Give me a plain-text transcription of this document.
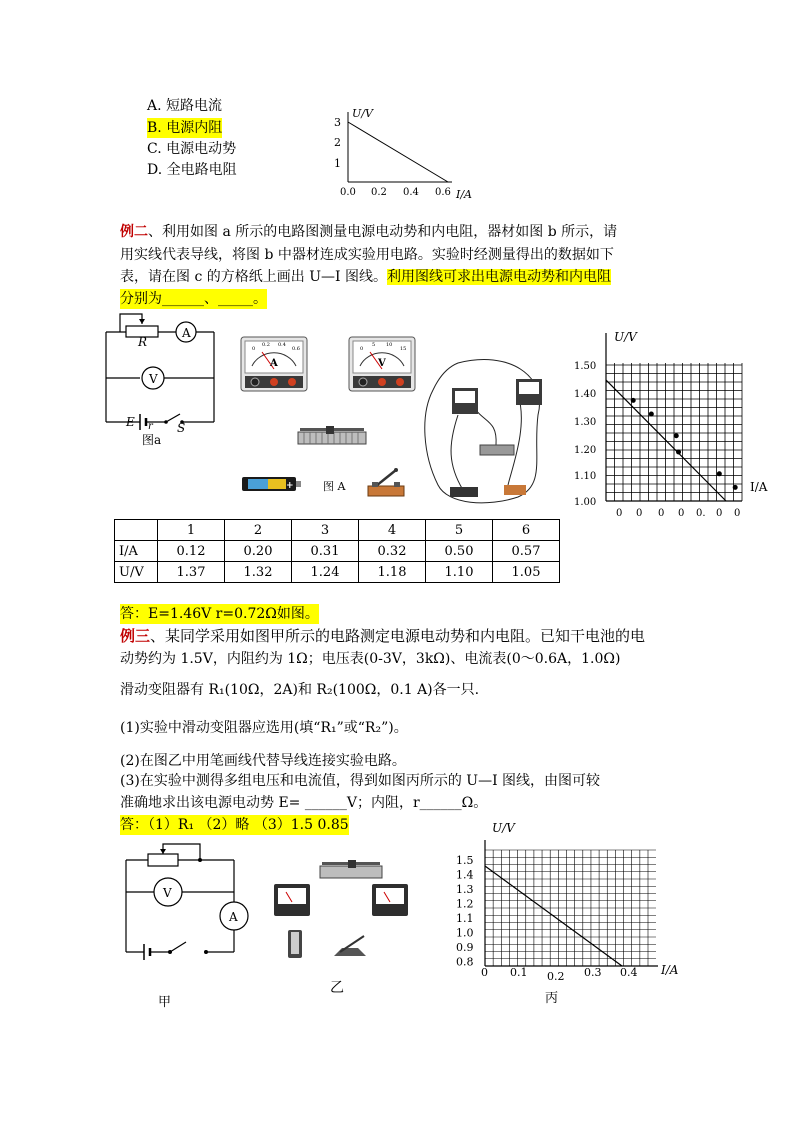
A. 短路电流
B. 电源内阻
C. 电源电动势
D. 全电路电阻
U/V
3
2
1
0.0 0.2 0.4 0.6 I/A
例二、利用如图 a 所示的电路图测量电源电动势和内电阻，器材如图 b 所示，请
用实线代表导线，将图 b 中器材连成实验用电路。实验时经测量得出的数据如下
表，请在图 c 的方格纸上画出 U—I 图线。利用图线可求出电源电动势和内电阻
分别为______、_____。
A
V
R
E r S
图a
A
0
0.2 0.4
0.6
V
0
5 10
15
+	图 A
U/V
I/A
1.50
1.40
1.30
1.20
1.10
1.00
0 0 0 0 0. 0 0
	1	2	3	4	5	6
I/A	0.12	0.20	0.31	0.32	0.50	0.57
U/V	1.37	1.32	1.24	1.18	1.10	1.05
答：E=1.46V r=0.72Ω如图。
例三、某同学采用如图甲所示的电路测定电源电动势和内电阻。已知干电池的电
动势约为 1.5V，内阻约为 1Ω；电压表(0-3V，3kΩ)、电流表(0～0.6A，1.0Ω)
滑动变阻器有 R₁(10Ω，2A)和 R₂(100Ω，0.1 A)各一只.
(1)实验中滑动变阻器应选用(填“R₁”或“R₂”)。
(2)在图乙中用笔画线代替导线连接实验电路。
(3)在实验中测得多组电压和电流值，得到如图丙所示的 U—I 图线，由图可较
准确地求出该电源电动势 E= ______V；内阻，r______Ω。
答：（1）R₁ （2）略 （3）1.5 0.85
V
A
甲
乙
U/V
I/A
1.5
1.4
1.3
1.2
1.1
1.0
0.9
0.8
0 0.1 0.2 0.3 0.4
丙
